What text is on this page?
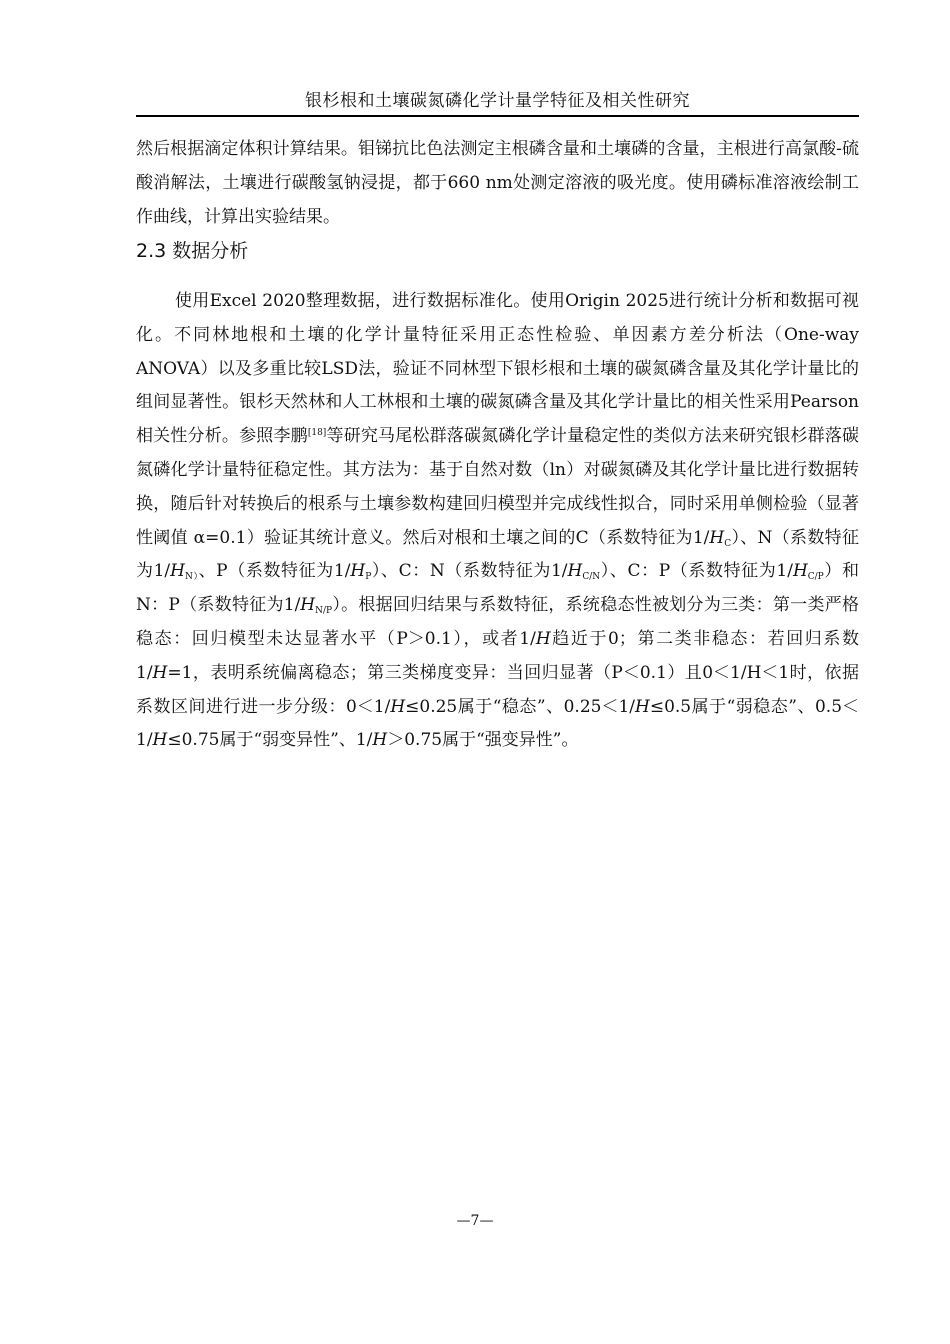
银杉根和土壤碳氮磷化学计量学特征及相关性研究

然后根据滴定体积计算结果。钼锑抗比色法测定主根磷含量和土壤磷的含量，主根进行高氯酸-硫酸消解法，土壤进行碳酸氢钠浸提，都于660 nm处测定溶液的吸光度。使用磷标准溶液绘制工作曲线，计算出实验结果。

2.3 数据分析

使用Excel 2020整理数据，进行数据标准化。使用Origin 2025进行统计分析和数据可视化。不同林地根和土壤的化学计量特征采用正态性检验、单因素方差分析法（One-way ANOVA）以及多重比较LSD法，验证不同林型下银杉根和土壤的碳氮磷含量及其化学计量比的组间显著性。银杉天然林和人工林根和土壤的碳氮磷含量及其化学计量比的相关性采用Pearson相关性分析。参照李鹏[18]等研究马尾松群落碳氮磷化学计量稳定性的类似方法来研究银杉群落碳氮磷化学计量特征稳定性。其方法为：基于自然对数（ln）对碳氮磷及其化学计量比进行数据转换，随后针对转换后的根系与土壤参数构建回归模型并完成线性拟合，同时采用单侧检验（显著性阈值 α=0.1）验证其统计意义。然后对根和土壤之间的C（系数特征为$1/H_C$）、N（系数特征为$1/H_{N)}$、P（系数特征为$1/H_P$）、C：N（系数特征为$1/H_{C/N}$）、C：P（系数特征为$1/H_{C/P}$）和N：P（系数特征为$1/H_{N/P}$）。根据回归结果与系数特征，系统稳态性被划分为三类：第一类严格稳态：回归模型未达显著水平（P＞0.1），或者1/H趋近于0；第二类非稳态：若回归系数1/H=1，表明系统偏离稳态；第三类梯度变异：当回归显著（P＜0.1）且0＜1/H＜1时，依据系数区间进行进一步分级：0＜1/H≤0.25属于“稳态”、0.25＜1/H≤0.5属于“弱稳态”、0.5＜1/H≤0.75属于“弱变异性”、1/H＞0.75属于“强变异性”。

—7—
